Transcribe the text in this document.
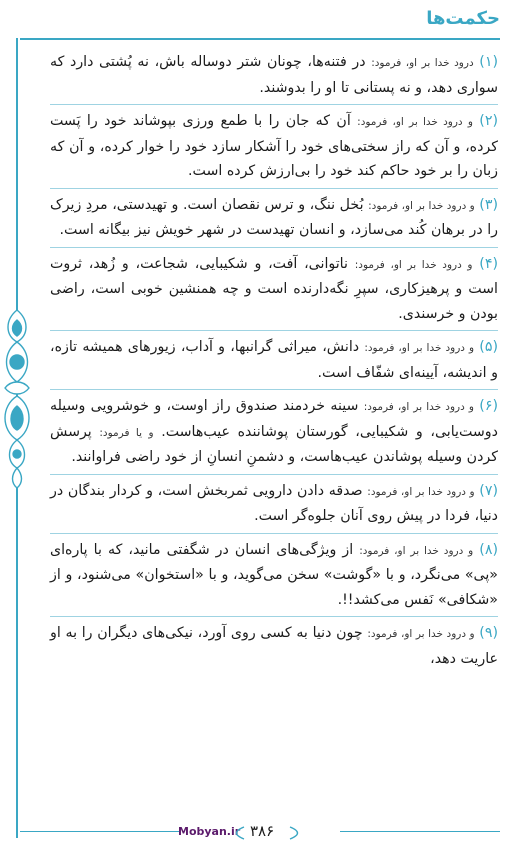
حکمت‌ها

(۱) درود خدا بر او، فرمود: در فتنه‌ها، چونان شتر دوساله باش، نه پُشتی دارد که سواری دهد، و نه پستانی تا او را بدوشند.

(۲) و درود خدا بر او، فرمود: آن که جان را با طمع ورزی بپوشاند خود را پَست کرده، و آن که راز سختی‌های خود را آشکار سازد خود را خوار کرده، و آن که زبان را بر خود حاکم کند خود را بی‌ارزش کرده است.

(۳) و درود خدا بر او، فرمود: بُخل ننگ، و ترس نقصان است. و تهیدستی، مردِ زیرک را در برهان کُند می‌سازد، و انسان تهیدست در شهر خویش نیز بیگانه است.

(۴) و درود خدا بر او، فرمود: ناتوانی، آفت، و شکیبایی، شجاعت، و زُهد، ثروت است و پرهیزکاری، سپرِ نگه‌دارنده است و چه همنشین خوبی است، راضی بودن و خرسندی.

(۵) و درود خدا بر او، فرمود: دانش، میراثی گرانبها، و آداب، زیورهای همیشه تازه، و اندیشه، آیینه‌ای شفّاف است.

(۶) و درود خدا بر او، فرمود: سینه خردمند صندوق راز اوست، و خوشرویی وسیله دوست‌یابی، و شکیبایی، گورستان پوشاننده عیب‌هاست. و یا فرمود: پرسش کردن وسیله پوشاندن عیب‌هاست، و دشمنِ انسانِ از خود راضی فراوانند.

(۷) و درود خدا بر او، فرمود: صدقه دادن دارویی ثمربخش است، و کردار بندگان در دنیا، فردا در پیش روی آنان جلوه‌گر است.

(۸) و درود خدا بر او، فرمود: از ویژگی‌های انسان در شگفتی مانید، که با پاره‌ای «پی» می‌نگرد، و با «گوشت» سخن می‌گوید، و با «استخوان» می‌شنود، و از «شکافی» نَفس می‌کشد!!.

(۹) و درود خدا بر او، فرمود: چون دنیا به کسی روی آورد، نیکی‌های دیگران را به او عاریت دهد،

Mobyan.ir ۳۸۶
